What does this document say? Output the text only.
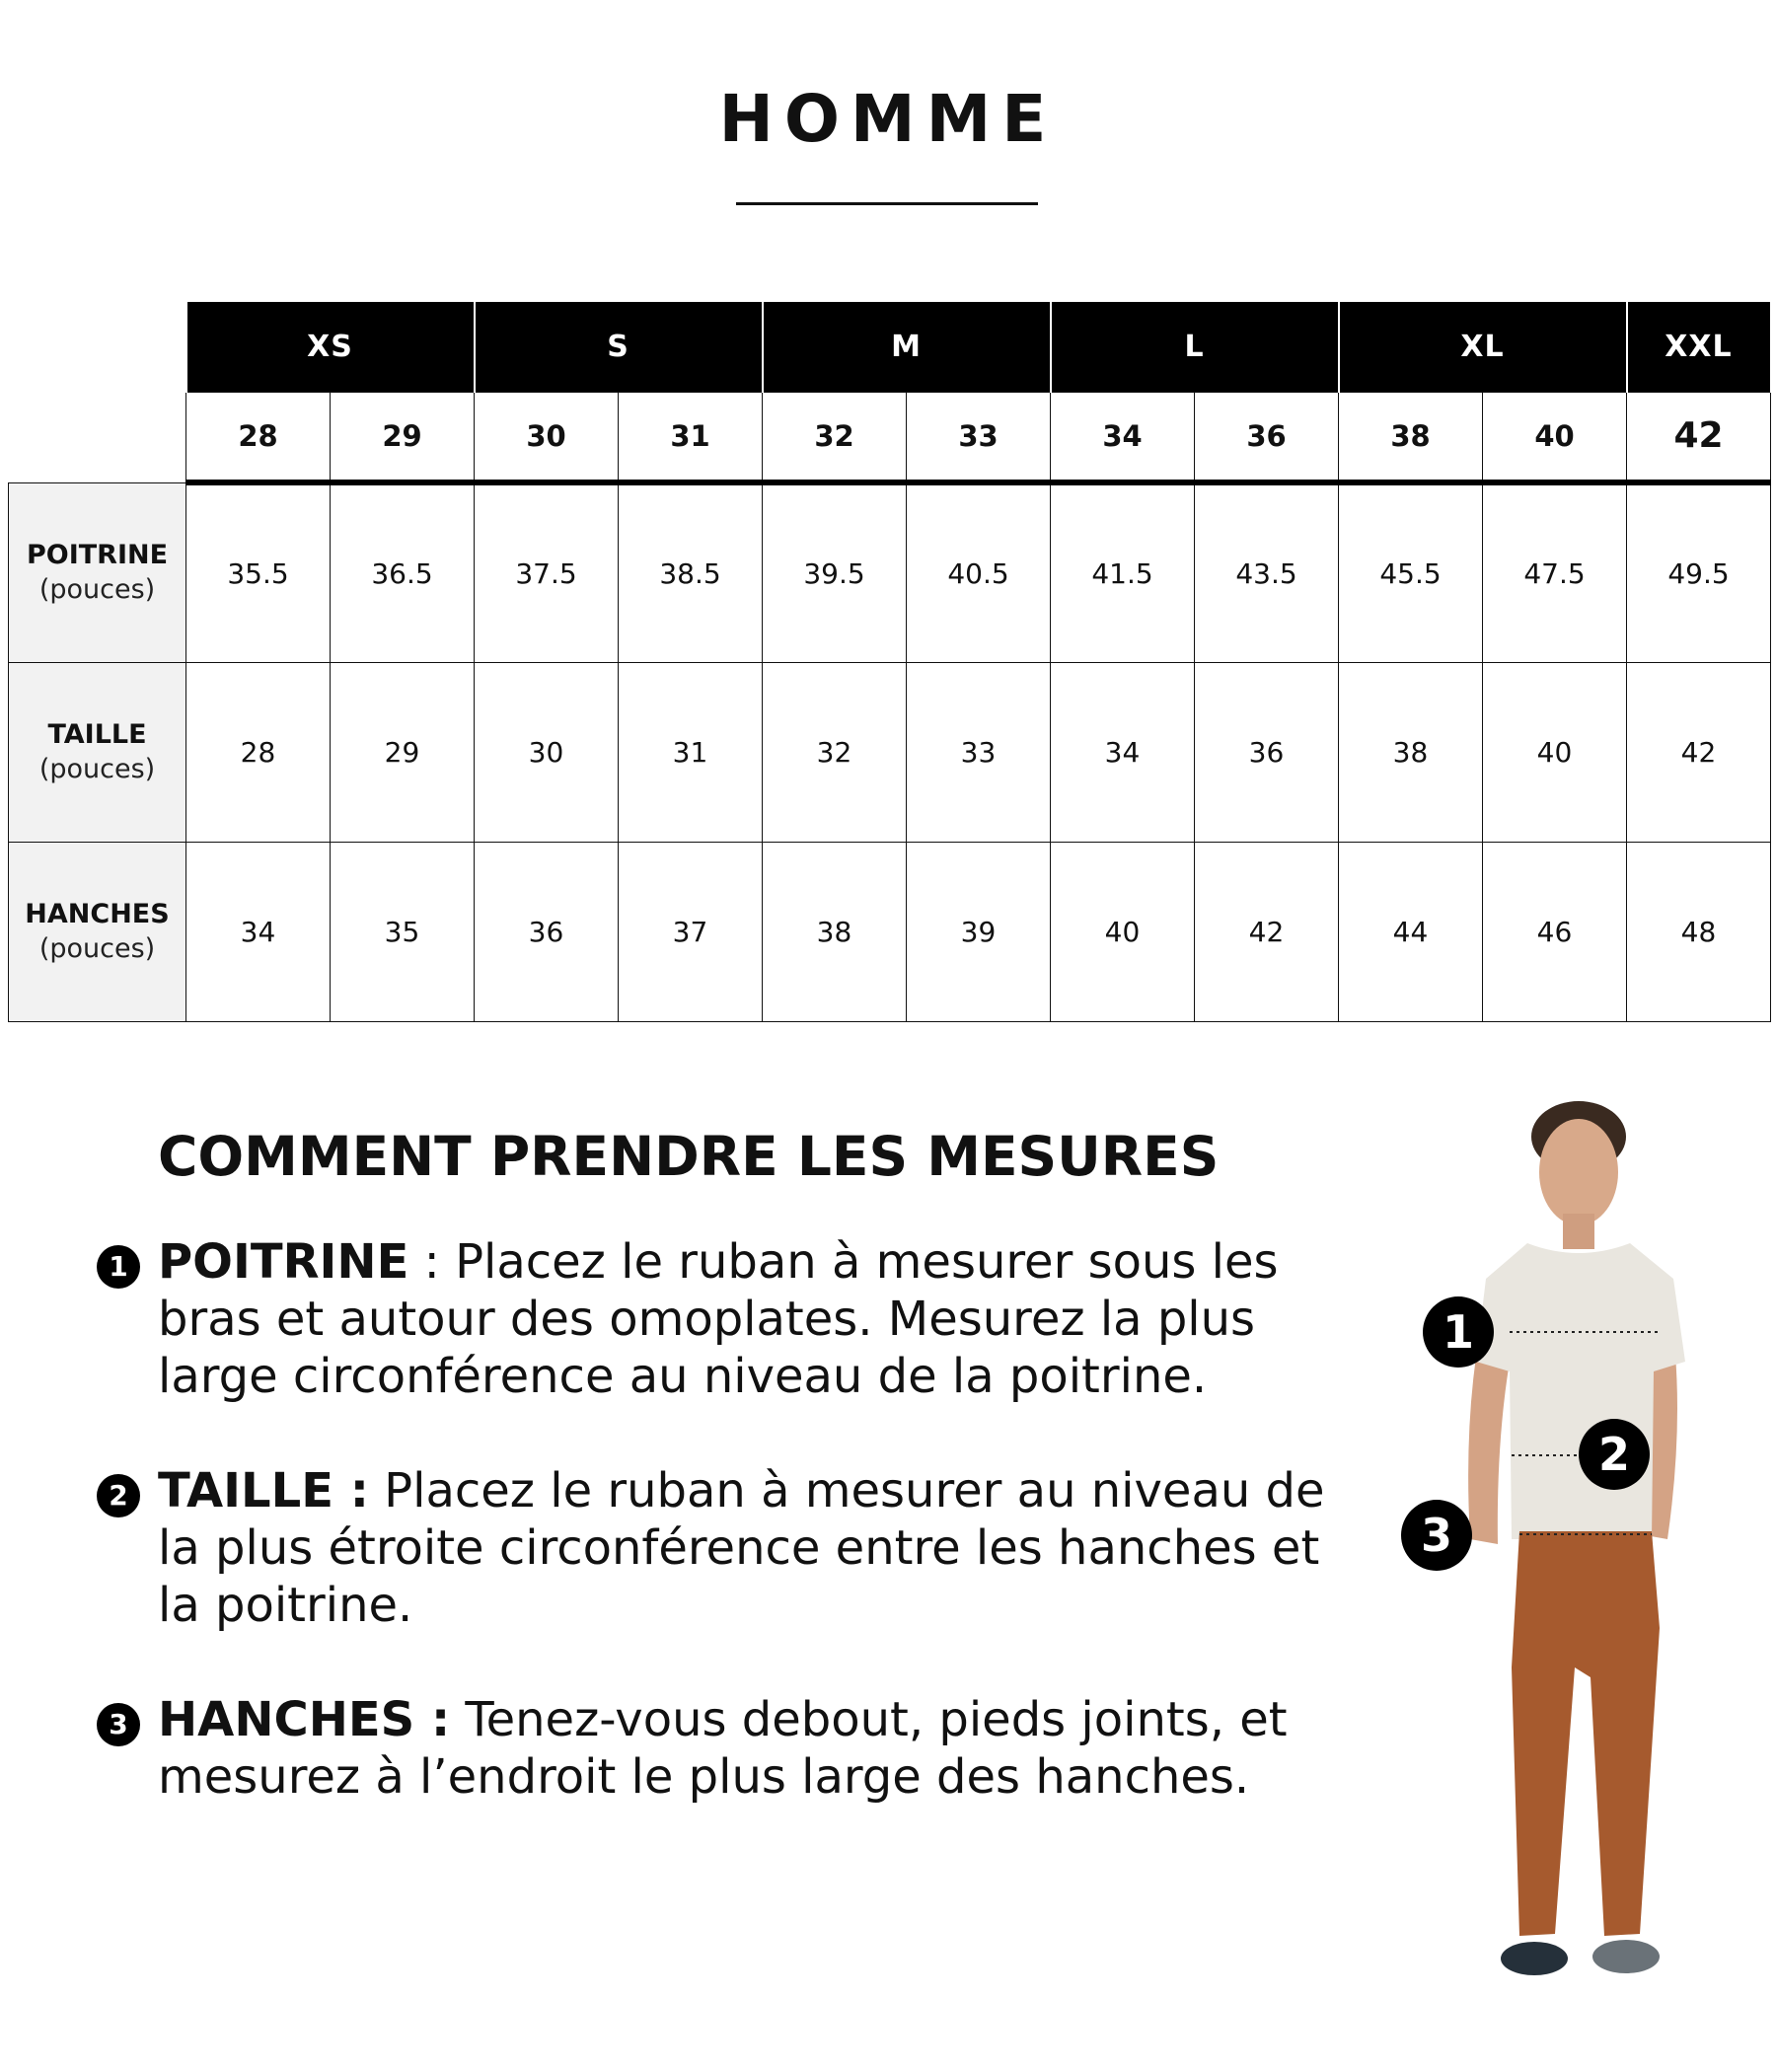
HOMME
	XS		S		M		L		XL		XXL
	28	29	30	31	32	33	34	36	38	40	42

POITRINE
(pouces)	35.5	36.5	37.5	38.5	39.5	40.5	41.5	43.5	45.5	47.5	49.5

TAILLE
(pouces)	28	29	30	31	32	33	34	36	38	40	42

HANCHES
(pouces)	34	35	36	37	38	39	40	42	44	46	48
COMMENT PRENDRE LES MESURES
1 POITRINE : Placez le ruban à mesurer sous les bras et autour des omoplates. Mesurez la plus large circonférence au niveau de la poitrine.
2 TAILLE : Placez le ruban à mesurer au niveau de la plus étroite circonférence entre les hanches et la poitrine.
3 HANCHES : Tenez-vous debout, pieds joints, et mesurez à l’endroit le plus large des hanches.
1
2
3
